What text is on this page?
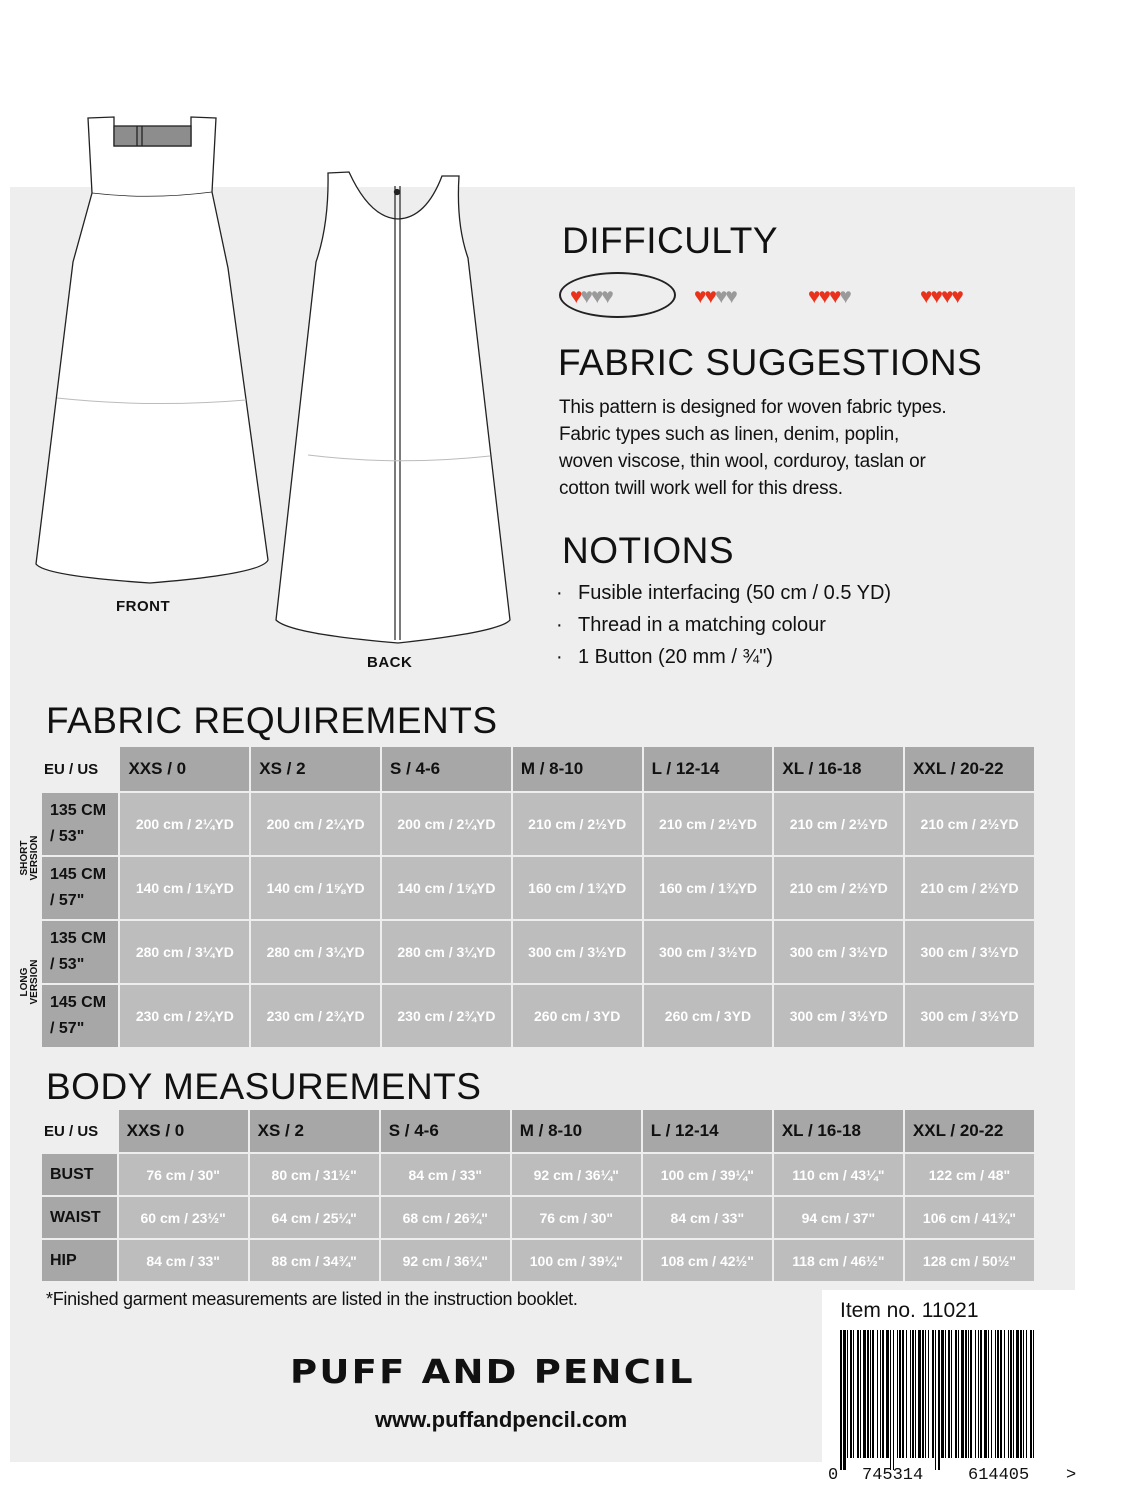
FRONT
BACK
DIFFICULTY
♥♥♥♥	♥♥♥♥	♥♥♥♥	♥♥♥♥
FABRIC SUGGESTIONS
This pattern is designed for woven fabric types.
Fabric types such as linen, denim, poplin,
woven viscose, thin wool, corduroy, taslan or
cotton twill work well for this dress.
NOTIONS
· Fusible interfacing (50 cm / 0.5 YD)
· Thread in a matching colour
· 1 Button (20 mm / ¾")
FABRIC REQUIREMENTS
EU / US	XXS / 0	XS / 2	S / 4-6	M / 8-10	L / 12-14	XL / 16-18	XXL / 20-22
135 CM
/ 53"	200 cm / 2¼YD	200 cm / 2¼YD	200 cm / 2¼YD	210 cm / 2½YD	210 cm / 2½YD	210 cm / 2½YD	210 cm / 2½YD
145 CM
/ 57"	140 cm / 1⅝YD	140 cm / 1⅝YD	140 cm / 1⅝YD	160 cm / 1¾YD	160 cm / 1¾YD	210 cm / 2½YD	210 cm / 2½YD
135 CM
/ 53"	280 cm / 3¼YD	280 cm / 3¼YD	280 cm / 3¼YD	300 cm / 3½YD	300 cm / 3½YD	300 cm / 3½YD	300 cm / 3½YD
145 CM
/ 57"	230 cm / 2¾YD	230 cm / 2¾YD	230 cm / 2¾YD	260 cm / 3YD	260 cm / 3YD	300 cm / 3½YD	300 cm / 3½YD
SHORT
VERSION
LONG
VERSION
BODY MEASUREMENTS
EU / US	XXS / 0	XS / 2	S / 4-6	M / 8-10	L / 12-14	XL / 16-18	XXL / 20-22
BUST	76 cm / 30"	80 cm / 31½"	84 cm / 33"	92 cm / 36¼"	100 cm / 39¼"	110 cm / 43¼"	122 cm / 48"
WAIST	60 cm / 23½"	64 cm / 25¼"	68 cm / 26¾"	76 cm / 30"	84 cm / 33"	94 cm / 37"	106 cm / 41¾"
HIP	84 cm / 33"	88 cm / 34¾"	92 cm / 36¼"	100 cm / 39¼"	108 cm / 42½"	118 cm / 46½"	128 cm / 50½"
*Finished garment measurements are listed in the instruction booklet.
PUFF AND PENCIL
www.puffandpencil.com
Item no. 11021
0 745314	614405 >
